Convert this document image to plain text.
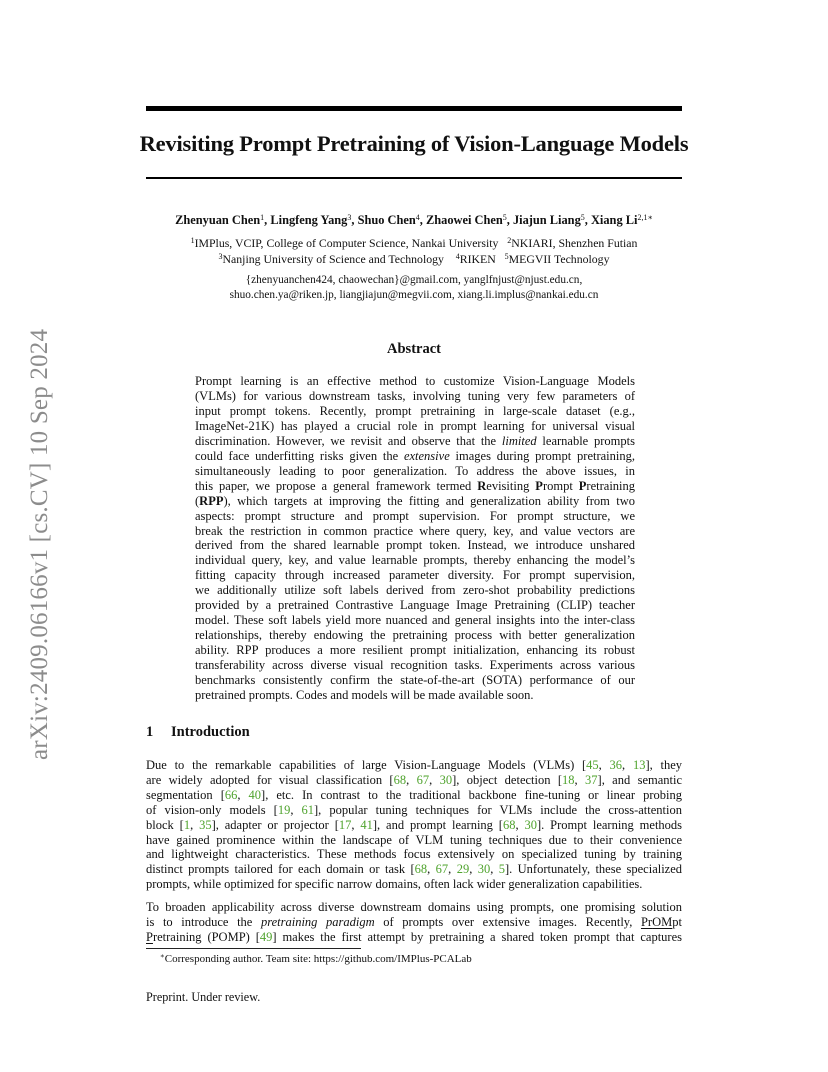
arXiv:2409.06166v1 [cs.CV] 10 Sep 2024
Revisiting Prompt Pretraining of Vision-Language Models
Zhenyuan Chen$^1$, Lingfeng Yang$^3$, Shuo Chen$^4$, Zhaowei Chen$^5$, Jiajun Liang$^5$, Xiang $Li^{2,1∗}$
$^1$IMPlus, VCIP, College of Computer Science, Nankai University $^2$NKIARI, Shenzhen Futian
$^3$Nanjing University of Science and Technology $^4$RIKEN $^5$MEGVII Technology
{zhenyuanchen424, chaowechan}@gmail.com, yanglfnjust@njust.edu.cn,
shuo.chen.ya@riken.jp, liangjiajun@megvii.com, xiang.li.implus@nankai.edu.cn
Abstract
Prompt learning is an effective method to customize Vision-Language Models
(VLMs) for various downstream tasks, involving tuning very few parameters of
input prompt tokens. Recently, prompt pretraining in large-scale dataset (e.g.,
ImageNet-21K) has played a crucial role in prompt learning for universal visual
discrimination. However, we revisit and observe that the limited learnable prompts
could face underfitting risks given the extensive images during prompt pretraining,
simultaneously leading to poor generalization. To address the above issues, in
this paper, we propose a general framework termed Revisiting Prompt Pretraining
(RPP), which targets at improving the fitting and generalization ability from two
aspects: prompt structure and prompt supervision. For prompt structure, we
break the restriction in common practice where query, key, and value vectors are
derived from the shared learnable prompt token. Instead, we introduce unshared
individual query, key, and value learnable prompts, thereby enhancing the model’s
fitting capacity through increased parameter diversity. For prompt supervision,
we additionally utilize soft labels derived from zero-shot probability predictions
provided by a pretrained Contrastive Language Image Pretraining (CLIP) teacher
model. These soft labels yield more nuanced and general insights into the inter-class
relationships, thereby endowing the pretraining process with better generalization
ability. RPP produces a more resilient prompt initialization, enhancing its robust
transferability across diverse visual recognition tasks. Experiments across various
benchmarks consistently confirm the state-of-the-art (SOTA) performance of our
pretrained prompts. Codes and models will be made available soon.
1 Introduction
Due to the remarkable capabilities of large Vision-Language Models (VLMs) [45, 36, 13], they
are widely adopted for visual classification [68, 67, 30], object detection [18, 37], and semantic
segmentation [66, 40], etc. In contrast to the traditional backbone fine-tuning or linear probing
of vision-only models [19, 61], popular tuning techniques for VLMs include the cross-attention
block [1, 35], adapter or projector [17, 41], and prompt learning [68, 30]. Prompt learning methods
have gained prominence within the landscape of VLM tuning techniques due to their convenience
and lightweight characteristics. These methods focus extensively on specialized tuning by training
distinct prompts tailored for each domain or task [68, 67, 29, 30, 5]. Unfortunately, these specialized
prompts, while optimized for specific narrow domains, often lack wider generalization capabilities.
To broaden applicability across diverse downstream domains using prompts, one promising solution
is to introduce the pretraining paradigm of prompts over extensive images. Recently, PrOMpt
Pretraining (POMP) [49] makes the first attempt by pretraining a shared token prompt that captures
∗Corresponding author. Team site: https://github.com/IMPlus-PCALab
Preprint. Under review.
